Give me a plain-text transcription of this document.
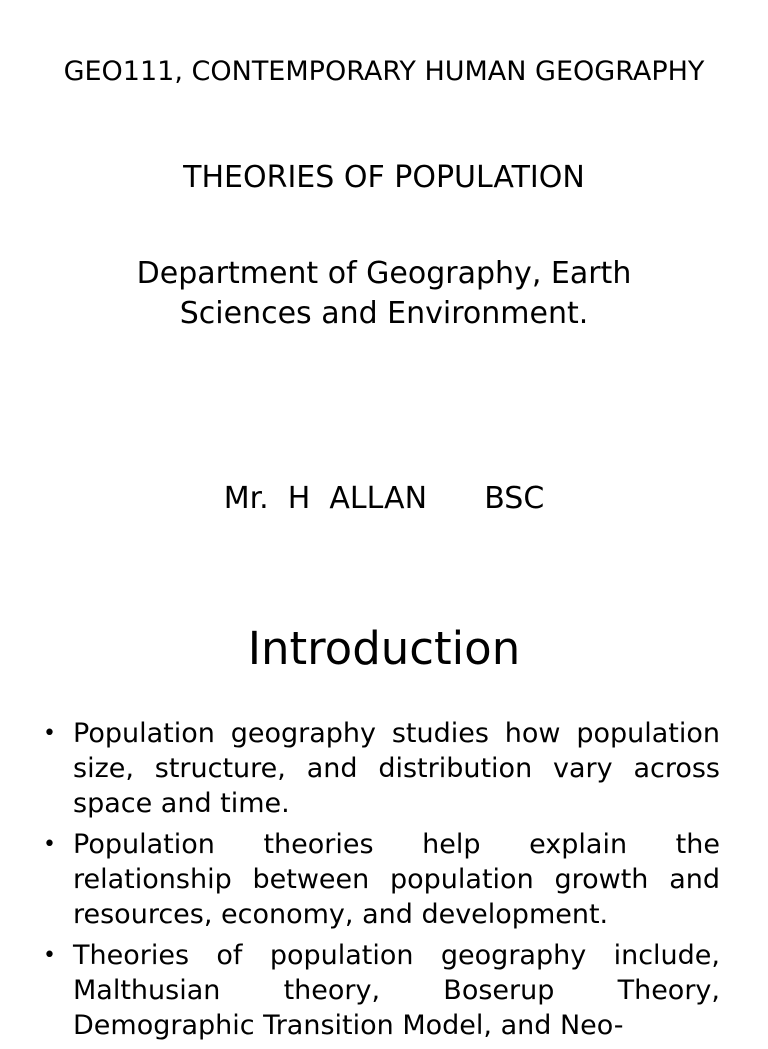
GEO111, CONTEMPORARY HUMAN GEOGRAPHY
THEORIES OF POPULATION
Department of Geography, Earth
Sciences and Environment.
Mr.  H  ALLAN      BSC
Introduction
• Population geography studies how population size, structure, and distribution vary across space and time.
• Population theories help explain the relationship between population growth and resources, economy, and development.
• Theories of population geography include, Malthusian theory, Boserup Theory, Demographic Transition Model, and Neo-
